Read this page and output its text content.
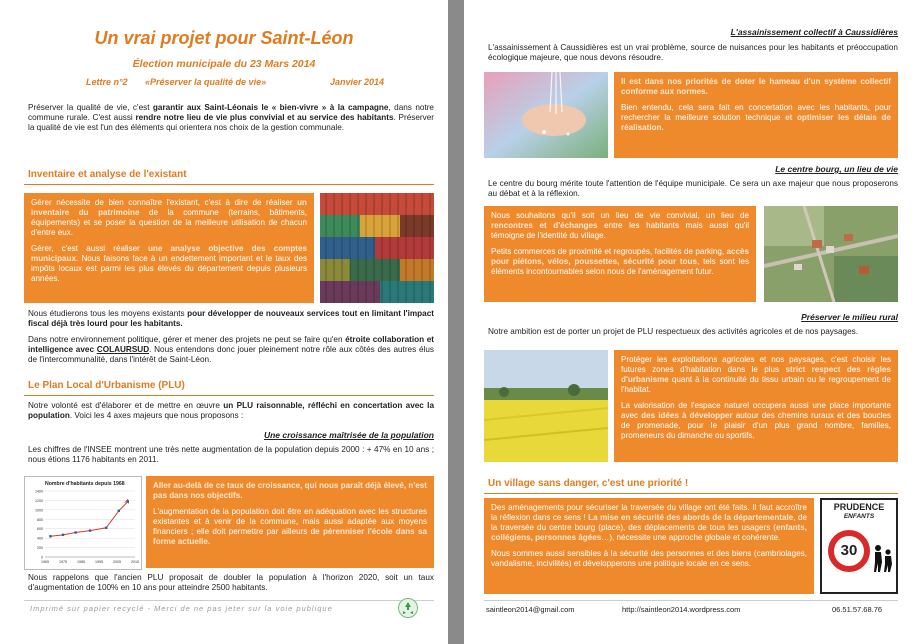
Un vrai projet pour Saint-Léon
Élection municipale du 23 Mars 2014
Lettre n°2 «Préserver la qualité de vie»	Janvier 2014

Préserver la qualité de vie, c'est garantir aux Saint-Léonais le « bien-vivre » à la campagne, dans notre commune rurale. C'est aussi rendre notre lieu de vie plus convivial et au service des habitants. Préserver la qualité de vie est l'un des éléments qui orientera nos choix de la gestion communale.

Inventaire et analyse de l'existant

Gérer nécessite de bien connaître l'existant, c'est à dire de réaliser un inventaire du patrimoine de la commune (terrains, bâtiments, équipements) et se poser la question de la meilleure utilisation de chacun d'entre eux.

Gérer, c'est aussi réaliser une analyse objective des comptes municipaux. Nous faisons face à un endettement important et le taux des impôts locaux est parmi les plus élevés du département depuis plusieurs années.

Nous étudierons tous les moyens existants pour développer de nouveaux services tout en limitant l'impact fiscal déjà très lourd pour les habitants.

Dans notre environnement politique, gérer et mener des projets ne peut se faire qu'en étroite collaboration et intelligence avec COLAURSUD. Nous entendons donc jouer pleinement notre rôle aux côtés des autres élus de l'intercommunalité, dans l'intérêt de Saint-Léon.

Le Plan Local d'Urbanisme (PLU)

Notre volonté est d'élaborer et de mettre en œuvre un PLU raisonnable, réfléchi en concertation avec la population. Voici les 4 axes majeurs que nous proposons :

Une croissance maîtrisée de la population

Les chiffres de l'INSEE montrent une très nette augmentation de la population depuis 2000 : + 47% en 10 ans ; nous étions 1176 habitants en 2011.

Nombre d'habitants depuis 1968
0
200
400
600
800
1000
1200
1400
1965	1975	1985	1995	2005	2015

Aller au-delà de ce taux de croissance, qui nous paraît déjà élevé, n'est pas dans nos objectifs.

L'augmentation de la population doit être en adéquation avec les structures existantes et à venir de la commune, mais aussi adaptée aux moyens financiers ; elle doit permettre par ailleurs de pérenniser l'école dans sa forme actuelle.

Nous rappelons que l'ancien PLU proposait de doubler la population à l'horizon 2020, soit un taux d'augmentation de 100% en 10 ans pour atteindre 2500 habitants.

Imprimé sur papier recyclé - Merci de ne pas jeter sur la voie publique

L'assainissement collectif à Caussidières

L'assainissement à Caussidières est un vrai problème, source de nuisances pour les habitants et préoccupation écologique majeure, que nous devons résoudre.

Il est dans nos priorités de doter le hameau d'un système collectif conforme aux normes.

Bien entendu, cela sera fait en concertation avec les habitants, pour rechercher la meilleure solution technique et optimiser les délais de réalisation.

Le centre bourg, un lieu de vie

Le centre du bourg mérite toute l'attention de l'équipe municipale. Ce sera un axe majeur que nous proposerons au débat et à la réflexion.

Nous souhaitons qu'il soit un lieu de vie convivial, un lieu de rencontres et d'échanges entre les habitants mais aussi qu'il témoigne de l'identité du village.

Petits commerces de proximité et regroupés, facilités de parking, accès pour piétons, vélos, poussettes, sécurité pour tous, tels sont les éléments incontournables selon nous de l'aménagement futur.

Préserver le milieu rural

Notre ambition est de porter un projet de PLU respectueux des activités agricoles et de nos paysages.

Protéger les exploitations agricoles et nos paysages, c'est choisir les futures zones d'habitation dans le plus strict respect des règles d'urbanisme quant à la continuité du tissu urbain ou le regroupement de l'habitat.

La valorisation de l'espace naturel occupera aussi une place importante avec des idées à développer autour des chemins ruraux et des boucles de promenade, pour le plaisir d'un plus grand nombre, familles, promeneurs du dimanche ou sportifs.

Un village sans danger, c'est une priorité !

Des aménagements pour sécuriser la traversée du village ont été faits. Il faut accroître la réflexion dans ce sens ! La mise en sécurité des abords de la départementale, de la traversée du centre bourg (place), des déplacements de tous les usagers (enfants, collégiens, personnes âgées…), nécessite une approche globale et cohérente.

Nous sommes aussi sensibles à la sécurité des personnes et des biens (cambriolages, vandalisme, incivilités) et développerons une politique locale en ce sens.

PRUDENCE
ENFANTS
30
saintleon2014@gmail.com	http://saintleon2014.wordpress.com	06.51.57.68.76
